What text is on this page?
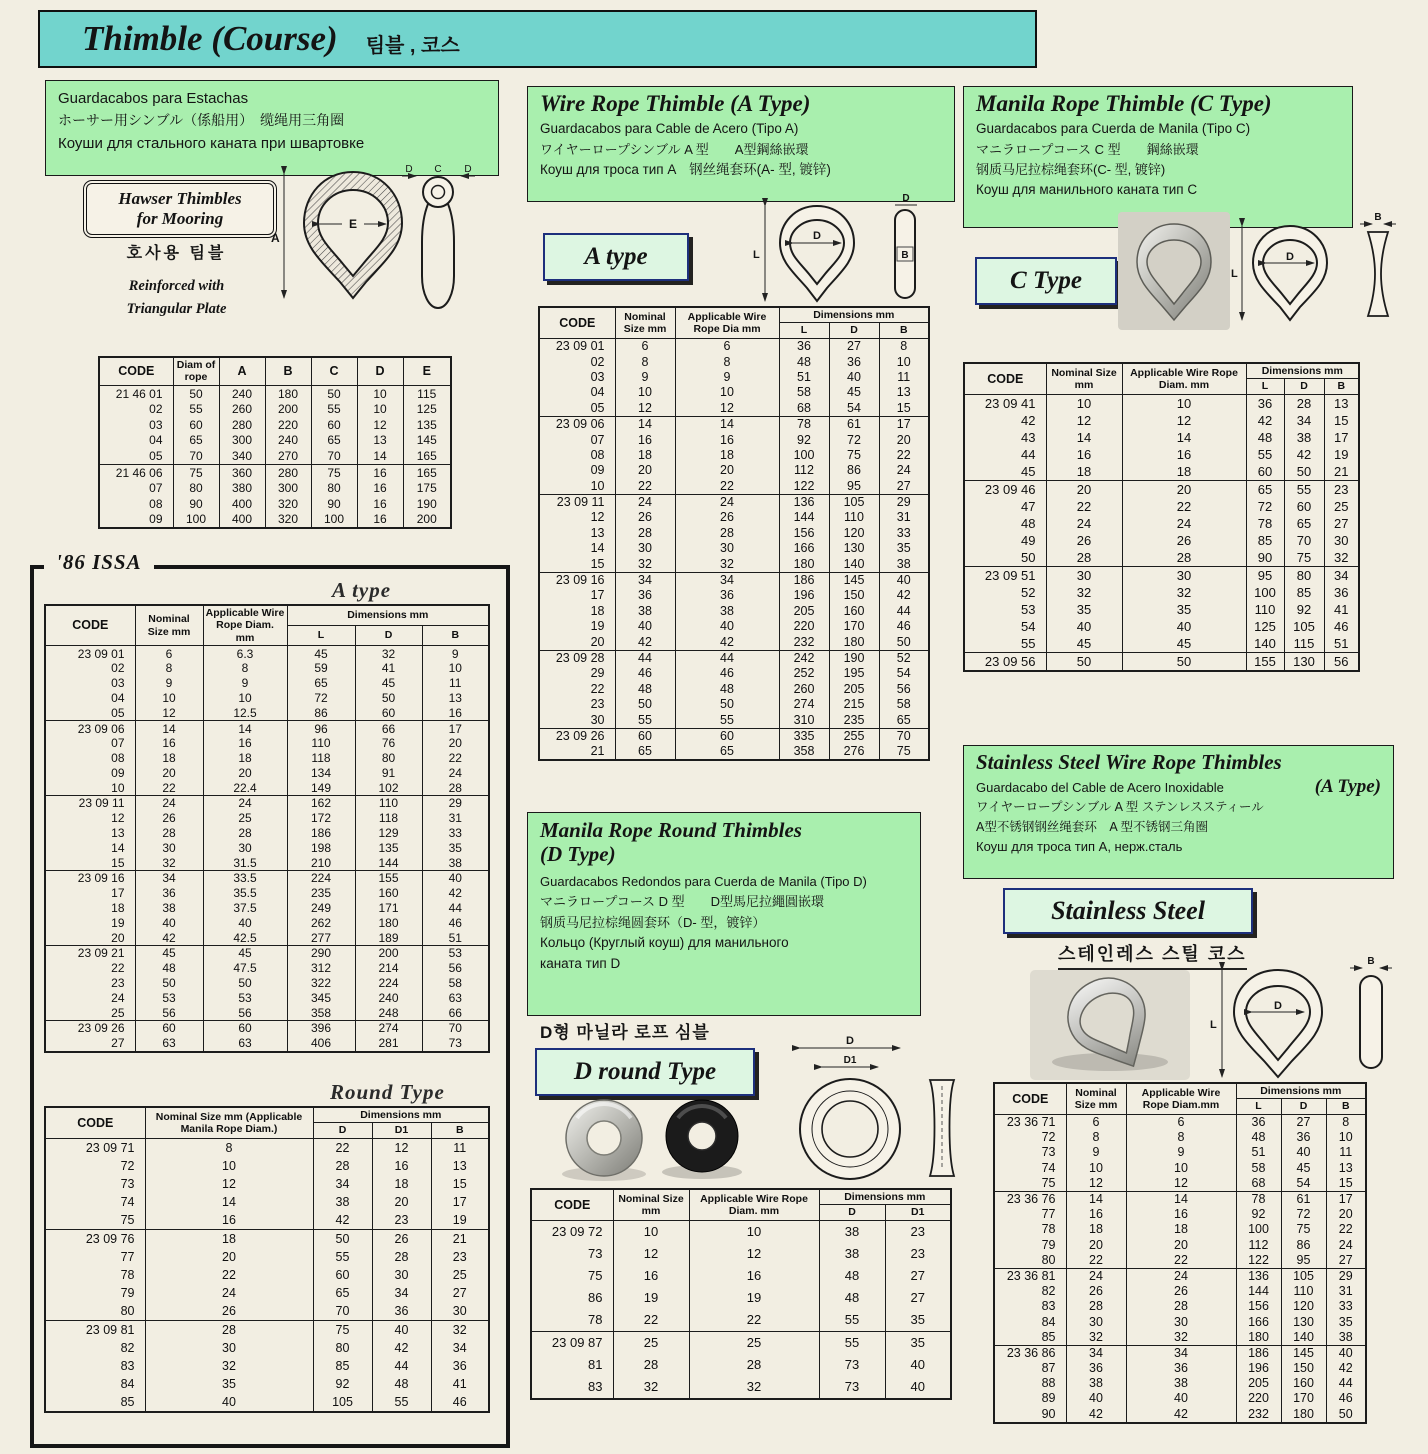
Thimble (Course) 팀블 , 코스
Guardacabos para Estachas
ホーサー用シンブル（係船用）　缆绳用三角圈
Коуши для стального каната при швартовке
Hawser Thimbles
for Mooring
호사용 팀블
Reinforced with
Triangular Plate
D C D
A
E
CODE	Diam of rope	A	B	C	D	E
21 46 01	50	240	180	50	10	115
02	55	260	200	55	10	125
03	60	280	220	60	12	135
04	65	300	240	65	13	145
05	70	340	270	70	14	165
21 46 06	75	360	280	75	16	165
07	80	380	300	80	16	175
08	90	400	320	90	16	190
09	100	400	320	100	16	200
'86 ISSA
A type
CODE	Nominal Size mm	Applicable Wire Rope Diam. mm	Dimensions mm		
			L	D	B
23 09 01	6	6.3	45	32	9
02	8	8	59	41	10
03	9	9	65	45	11
04	10	10	72	50	13
05	12	12.5	86	60	16
23 09 06	14	14	96	66	17
07	16	16	110	76	20
08	18	18	118	80	22
09	20	20	134	91	24
10	22	22.4	149	102	28
23 09 11	24	24	162	110	29
12	26	25	172	118	31
13	28	28	186	129	33
14	30	30	198	135	35
15	32	31.5	210	144	38
23 09 16	34	33.5	224	155	40
17	36	35.5	235	160	42
18	38	37.5	249	171	44
19	40	40	262	180	46
20	42	42.5	277	189	51
23 09 21	45	45	290	200	53
22	48	47.5	312	214	56
23	50	50	322	224	58
24	53	53	345	240	63
25	56	56	358	248	66
23 09 26	60	60	396	274	70
27	63	63	406	281	73
Round Type
CODE	Nominal Size mm (Applicable Manila Rope Diam.)	Dimensions mm		
		D	D1	B
23 09 71	8	22	12	11
72	10	28	16	13
73	12	34	18	15
74	14	38	20	17
75	16	42	23	19
23 09 76	18	50	26	21
77	20	55	28	23
78	22	60	30	25
79	24	65	34	27
80	26	70	36	30
23 09 81	28	75	40	32
82	30	80	42	34
83	32	85	44	36
84	35	92	48	41
85	40	105	55	46
Wire Rope Thimble (A Type)
Guardacabos para Cable de Acero (Tipo A)
ワイヤーロープシンブル A 型　　A型鋼絲嵌環
Коуш для троса тип A　钢丝绳套环(A- 型, 镀锌)
A type	L
D
D
B
CODE	Nominal Size mm	Applicable Wire Rope Dia mm	Dimensions mm		
			L	D	B
23 09 01	6	6	36	27	8
02	8	8	48	36	10
03	9	9	51	40	11
04	10	10	58	45	13
05	12	12	68	54	15
23 09 06	14	14	78	61	17
07	16	16	92	72	20
08	18	18	100	75	22
09	20	20	112	86	24
10	22	22	122	95	27
23 09 11	24	24	136	105	29
12	26	26	144	110	31
13	28	28	156	120	33
14	30	30	166	130	35
15	32	32	180	140	38
23 09 16	34	34	186	145	40
17	36	36	196	150	42
18	38	38	205	160	44
19	40	40	220	170	46
20	42	42	232	180	50
23 09 28	44	44	242	190	52
29	46	46	252	195	54
22	48	48	260	205	56
23	50	50	274	215	58
30	55	55	310	235	65
23 09 26	60	60	335	255	70
21	65	65	358	276	75
Manila Rope Round Thimbles
(D Type)
Guardacabos Redondos para Cuerda de Manila (Tipo D)
マニラロープコース D 型　　D型馬尼拉繩圓嵌環
钢质马尼拉棕绳圆套环（D- 型，镀锌）
Кольцо (Круглый коуш) для манильного
каната тип D
D형 마닐라 로프 심블
D round Type
D
D1
CODE	Nominal Size mm	Applicable Wire Rope Diam. mm	Dimensions mm	
			D	D1
23 09 72	10	10	38	23
73	12	12	38	23
75	16	16	48	27
86	19	19	48	27
78	22	22	55	35
23 09 87	25	25	55	35
81	28	28	73	40
83	32	32	73	40
Manila Rope Thimble (C Type)
Guardacabos para Cuerda de Manila (Tipo C)
マニラロープコース C 型　　鋼絲嵌環
钢质马尼拉棕绳套环(C- 型, 镀锌)
Коуш для манильного каната тип C
C Type	L
D
B
CODE	Nominal Size mm	Applicable Wire Rope Diam. mm	Dimensions mm		
			L	D	B
23 09 41	10	10	36	28	13
42	12	12	42	34	15
43	14	14	48	38	17
44	16	16	55	42	19
45	18	18	60	50	21
23 09 46	20	20	65	55	23
47	22	22	72	60	25
48	24	24	78	65	27
49	26	26	85	70	30
50	28	28	90	75	32
23 09 51	30	30	95	80	34
52	32	32	100	85	36
53	35	35	110	92	41
54	40	40	125	105	46
55	45	45	140	115	51
23 09 56	50	50	155	130	56
Stainless Steel Wire Rope Thimbles
Guardacabo del Cable de Acero Inoxidable	(A Type)
ワイヤーロープシンブル A 型 ステンレススティール
A型不锈钢钢丝绳套环　A 型不锈钢三角圈
Коуш для троса тип A, нерж.сталь
Stainless Steel
스테인레스 스틸 코스
L
D
B
CODE	Nominal Size mm	Applicable Wire Rope Diam.mm	Dimensions mm		
			L	D	B
23 36 71	6	6	36	27	8
72	8	8	48	36	10
73	9	9	51	40	11
74	10	10	58	45	13
75	12	12	68	54	15
23 36 76	14	14	78	61	17
77	16	16	92	72	20
78	18	18	100	75	22
79	20	20	112	86	24
80	22	22	122	95	27
23 36 81	24	24	136	105	29
82	26	26	144	110	31
83	28	28	156	120	33
84	30	30	166	130	35
85	32	32	180	140	38
23 36 86	34	34	186	145	40
87	36	36	196	150	42
88	38	38	205	160	44
89	40	40	220	170	46
90	42	42	232	180	50
